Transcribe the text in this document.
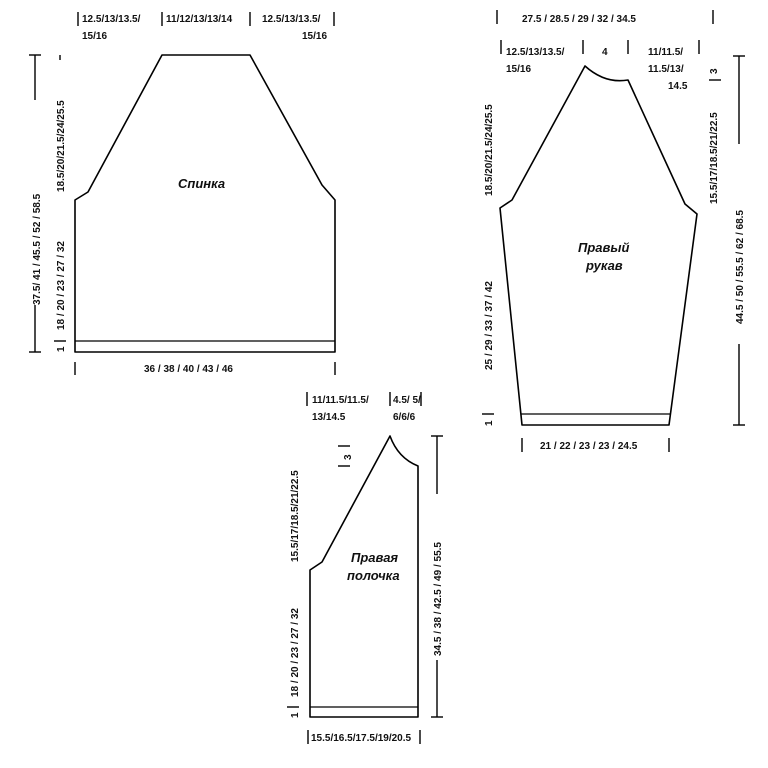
Спинка
12.5/13/13.5/
15/16
11/12/13/13/14	12.5/13/13.5/
15/16
37.5/ 41 / 45.5 / 52 / 58.5
18.5/20/21.5/24/25.5
18 / 20 / 23 / 27 / 32
1
36 / 38 / 40 / 43 / 46
Правый
рукав
27.5 / 28.5 / 29 / 32 / 34.5
12.5/13/13.5/
15/16
4	11/11.5/
11.5/13/
14.5
3
15.5/17/18.5/21/22.5
44.5 / 50 / 55.5 / 62 / 68.5
18.5/20/21.5/24/25.5
25 / 29 / 33 / 37 / 42
1
21 / 22 / 23 / 23 / 24.5
Правая
полочка
11/11.5/11.5/
13/14.5
4.5/ 5/
6/6/6
3
15.5/17/18.5/21/22.5
18 / 20 / 23 / 27 / 32
1
34.5 / 38 / 42.5 / 49 / 55.5
15.5/16.5/17.5/19/20.5
